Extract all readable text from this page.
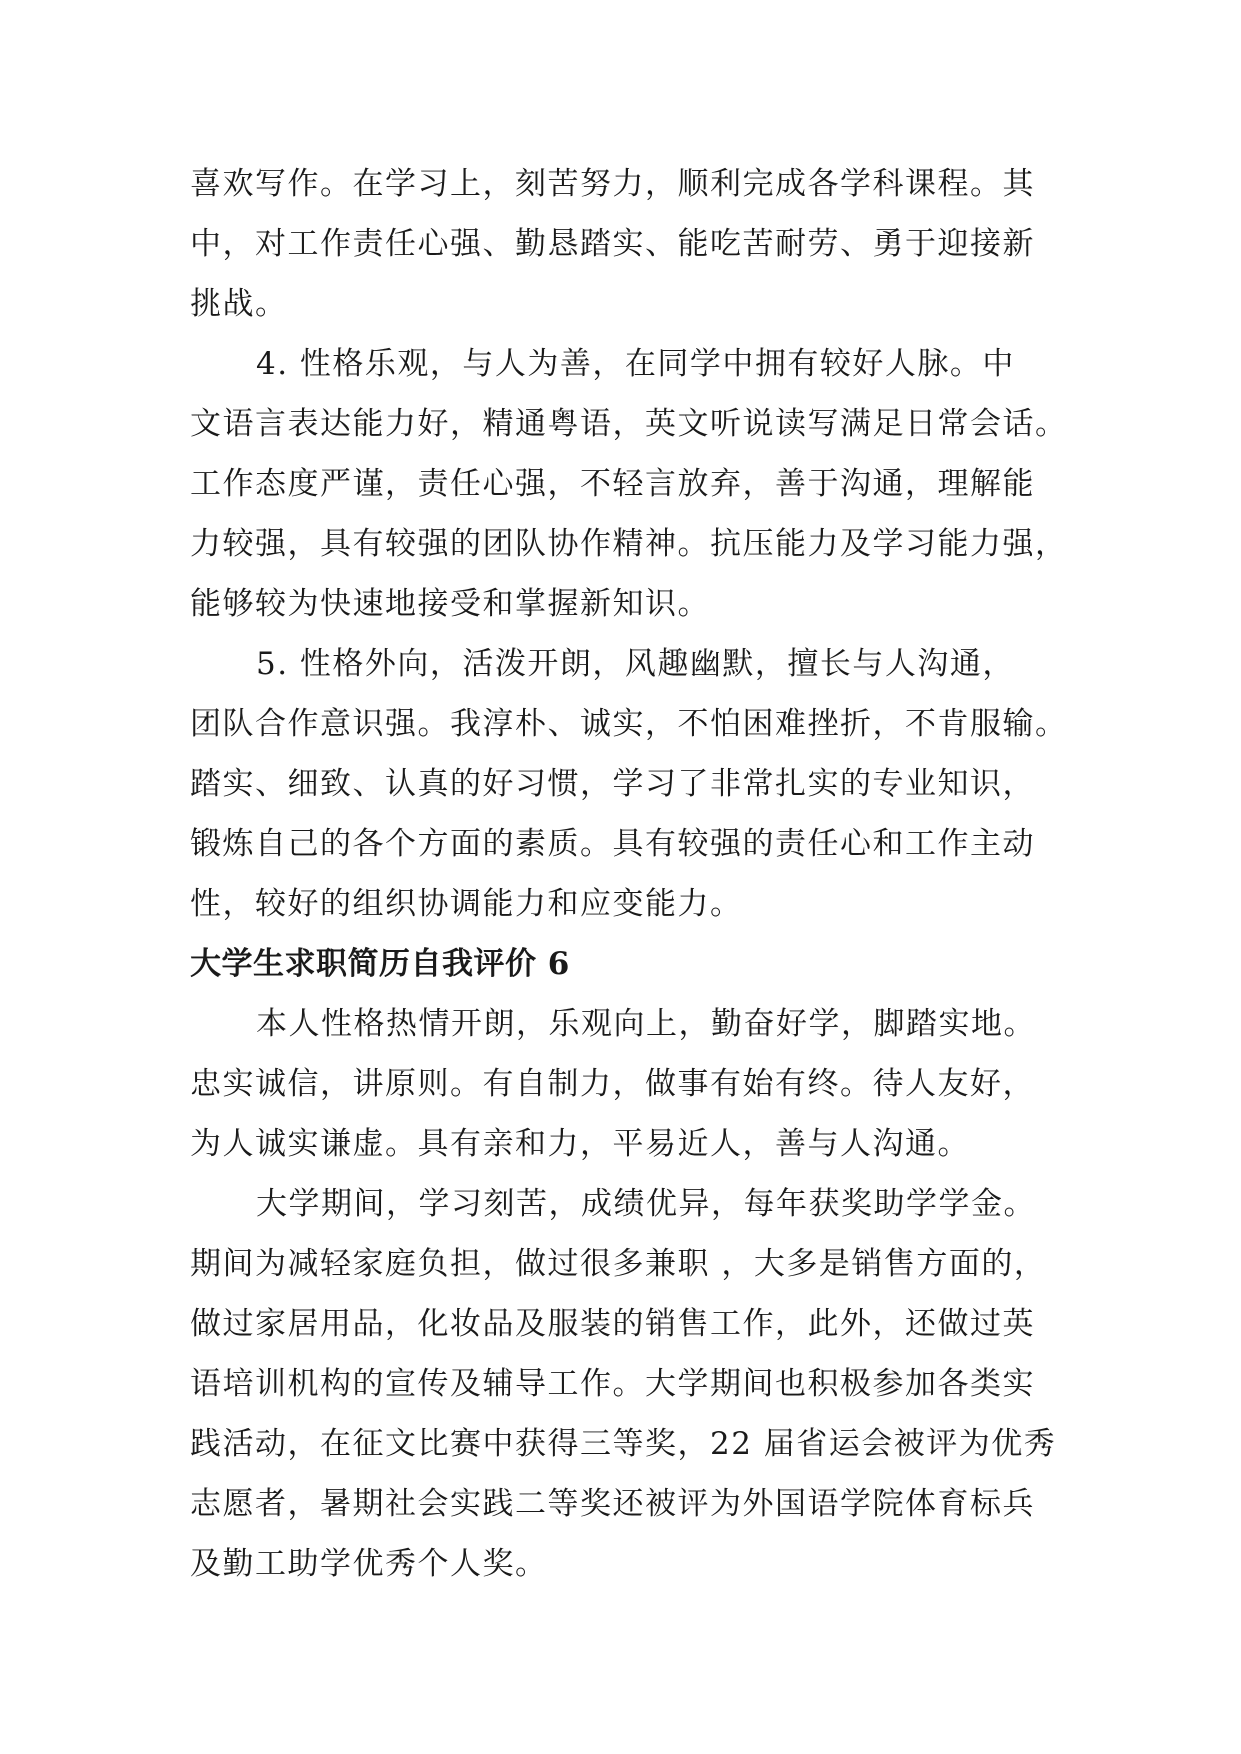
喜欢写作。在学习上，刻苦努力，顺利完成各学科课程。其
中，对工作责任心强、勤恳踏实、能吃苦耐劳、勇于迎接新
挑战。

4. 性格乐观，与人为善，在同学中拥有较好人脉。中
文语言表达能力好，精通粤语，英文听说读写满足日常会话。
工作态度严谨，责任心强，不轻言放弃，善于沟通，理解能
力较强，具有较强的团队协作精神。抗压能力及学习能力强，
能够较为快速地接受和掌握新知识。

5. 性格外向，活泼开朗，风趣幽默，擅长与人沟通，
团队合作意识强。我淳朴、诚实，不怕困难挫折，不肯服输。
踏实、细致、认真的好习惯，学习了非常扎实的专业知识，
锻炼自己的各个方面的素质。具有较强的责任心和工作主动
性，较好的组织协调能力和应变能力。

大学生求职简历自我评价 6

本人性格热情开朗，乐观向上，勤奋好学，脚踏实地。
忠实诚信，讲原则。有自制力，做事有始有终。待人友好，
为人诚实谦虚。具有亲和力，平易近人，善与人沟通。

大学期间，学习刻苦，成绩优异，每年获奖助学学金。
期间为减轻家庭负担，做过很多兼职 ，大多是销售方面的，
做过家居用品，化妆品及服装的销售工作，此外，还做过英
语培训机构的宣传及辅导工作。大学期间也积极参加各类实
践活动，在征文比赛中获得三等奖，22 届省运会被评为优秀
志愿者，暑期社会实践二等奖还被评为外国语学院体育标兵
及勤工助学优秀个人奖。
